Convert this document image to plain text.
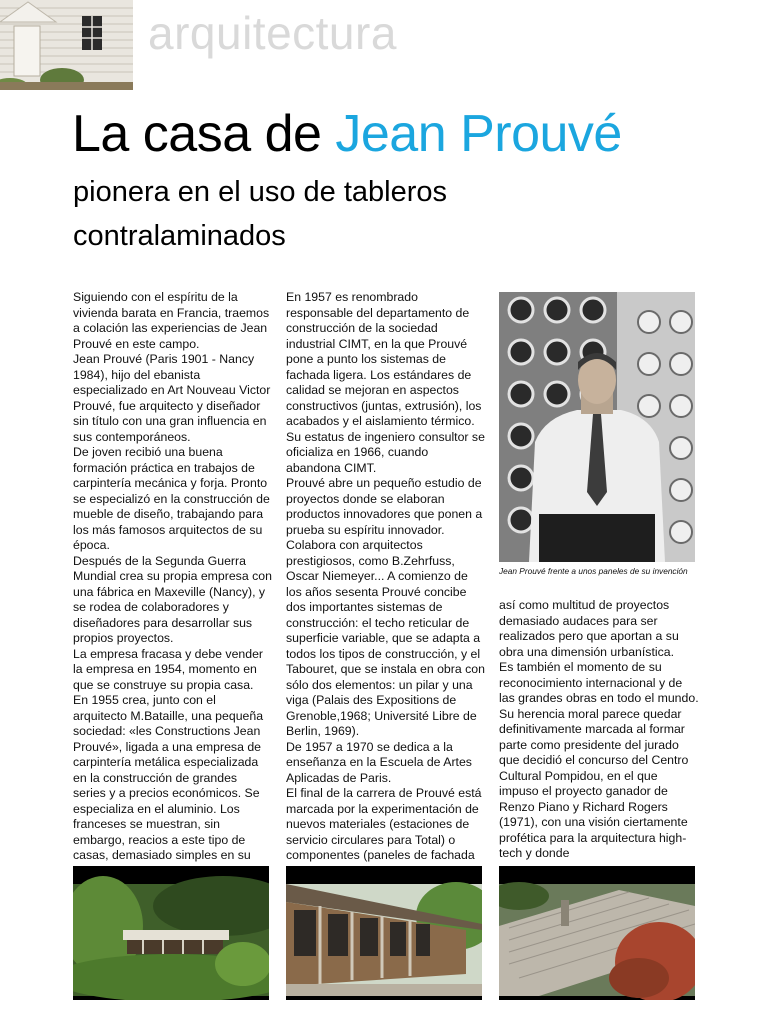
arquitectura
La casa de Jean Prouvé
pionera en el uso de tableros contralaminados

Siguiendo con el espíritu de la vivienda barata en Francia, traemos a colación las experiencias de Jean Prouvé en este campo.

Jean Prouvé (Paris 1901 - Nancy 1984), hijo del ebanista especializado en Art Nouveau Victor Prouvé, fue arquitecto y diseñador sin título con una gran influencia en sus contemporáneos.

De joven recibió una buena formación práctica en trabajos de carpintería mecánica y forja. Pronto se especializó en la construcción de mueble de diseño, trabajando para los más famosos arquitectos de su época.

Después de la Segunda Guerra Mundial crea su propia empresa con una fábrica en Maxeville (Nancy), y se rodea de colaboradores y diseñadores para desarrollar sus propios proyectos.

La empresa fracasa y debe vender la empresa en 1954, momento en que se construye su propia casa.

En 1955 crea, junto con el arquitecto M.Bataille, una pequeña sociedad: «les Constructions Jean Prouvé», ligada a una empresa de carpintería metálica especializada en la construcción de grandes series y a precios económicos. Se especializa en el aluminio. Los franceses se muestran, sin embargo, reacios a este tipo de casas, demasiado simples en su

En 1957 es renombrado responsable del departamento de construcción de la sociedad industrial CIMT, en la que Prouvé pone a punto los sistemas de fachada ligera. Los estándares de calidad se mejoran en aspectos constructivos (juntas, extrusión), los acabados y el aislamiento térmico.

Su estatus de ingeniero consultor se oficializa en 1966, cuando abandona CIMT.

Prouvé abre un pequeño estudio de proyectos donde se elaboran productos innovadores que ponen a prueba su espíritu innovador.

Colabora con arquitectos prestigiosos, como B.Zehrfuss, Oscar Niemeyer... A comienzo de los años sesenta Prouvé concibe dos importantes sistemas de construcción: el techo reticular de superficie variable, que se adapta a todos los tipos de construcción, y el Tabouret, que se instala en obra con sólo dos elementos: un pilar y una viga (Palais des Expositions de Grenoble,1968; Université Libre de Berlin, 1969).

De 1957 a 1970 se dedica a la enseñanza en la Escuela de Artes Aplicadas de Paris.

El final de la carrera de Prouvé está marcada por la experimentación de nuevos materiales (estaciones de servicio circulares para Total) o componentes (paneles de fachada

Jean Prouvé frente a unos paneles de su invención

así como multitud de proyectos demasiado audaces para ser realizados pero que aportan a su obra una dimensión urbanística.

Es también el momento de su reconocimiento internacional y de las grandes obras en todo el mundo.

Su herencia moral parece quedar definitivamente marcada al formar parte como presidente del jurado que decidió el concurso del Centro Cultural Pompidou, en el que impuso el proyecto ganador de Renzo Piano y Richard Rogers (1971), con una visión ciertamente profética para la arquitectura high-tech y donde
